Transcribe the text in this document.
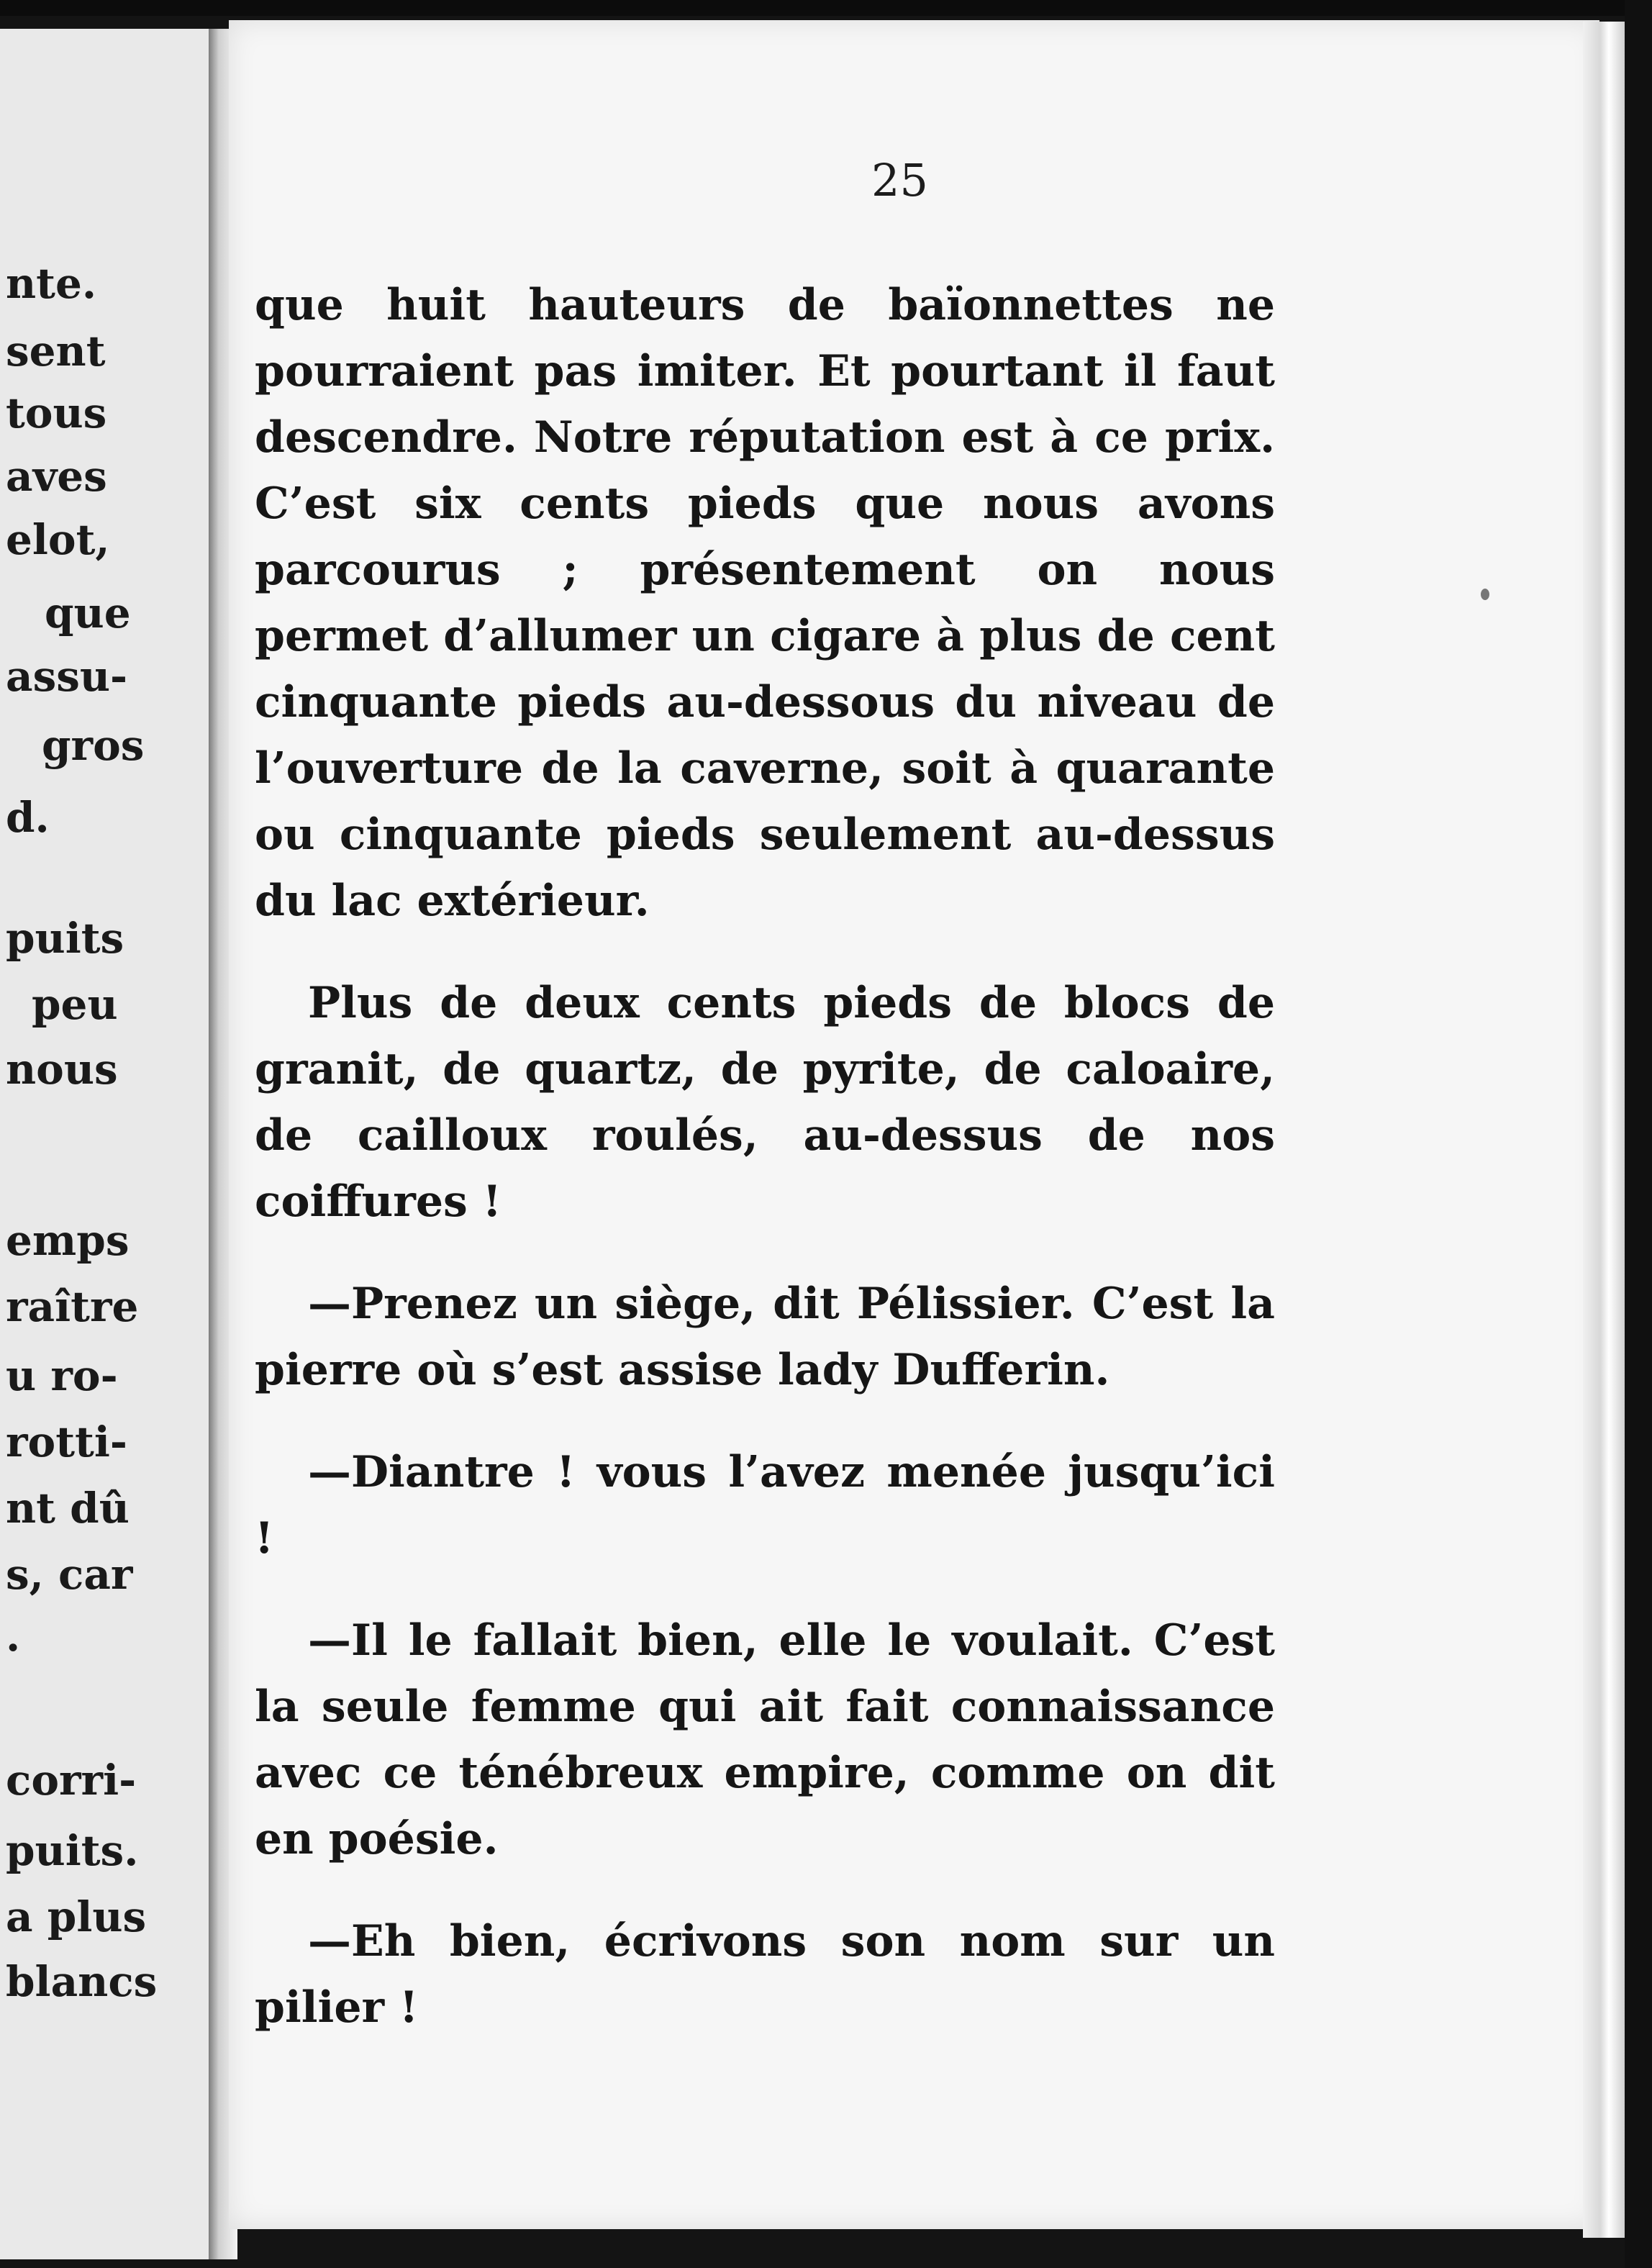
nte.
sent
tous
aves
elot,
que
assu-
gros
d.
puits
peu
nous
emps
raître
u ro-
rotti-
nt dû
s, car
.
corri-
puits.
a plus
blancs
25

que huit hauteurs de baïonnettes ne pourraient pas imiter. Et pourtant il faut descendre. Notre réputation est à ce prix. C’est six cents pieds que nous avons parcourus ; présentement on nous permet d’allumer un cigare à plus de cent cinquante pieds au-dessous du niveau de l’ouverture de la caverne, soit à quarante ou cinquante pieds seulement au-dessus du lac extérieur.

Plus de deux cents pieds de blocs de granit, de quartz, de pyrite, de caloaire, de cailloux roulés, au-dessus de nos coiffures !

—Prenez un siège, dit Pélissier. C’est la pierre où s’est assise lady Dufferin.

—Diantre ! vous l’avez menée jusqu’ici !

—Il le fallait bien, elle le voulait. C’est la seule femme qui ait fait connaissance avec ce ténébreux empire, comme on dit en poésie.

—Eh bien, écrivons son nom sur un pilier !
